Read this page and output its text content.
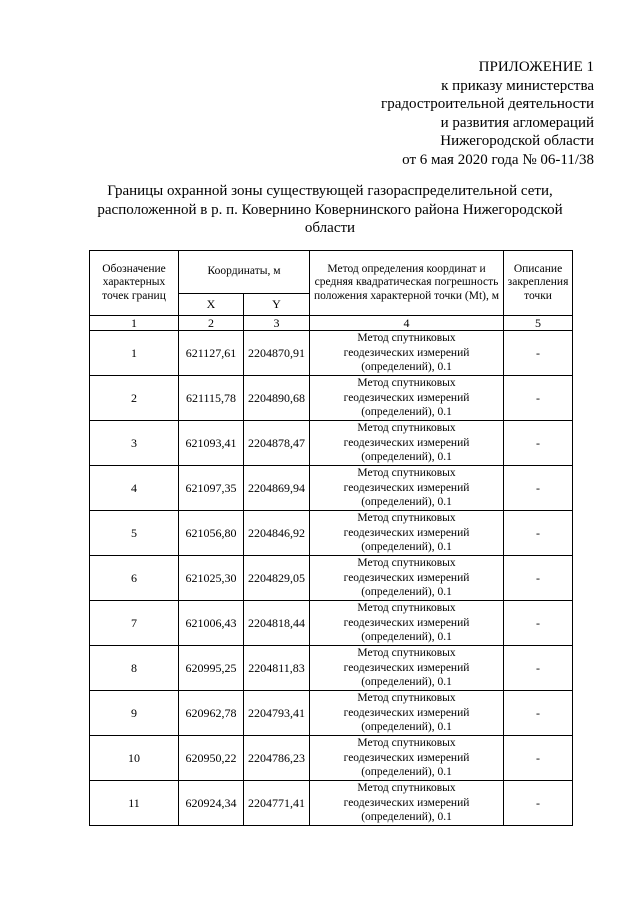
ПРИЛОЖЕНИЕ 1
к приказу министерства
градостроительной деятельности
и развития агломераций
Нижегородской области
от 6 мая 2020 года № 06-11/38
Границы охранной зоны существующей газораспределительной сети,
расположенной в р. п. Ковернино Ковернинского района Нижегородской
области
Обозначение характерных точек границ	Координаты, м		Метод определения координат и средняя квадратическая погрешность положения характерной точки (Mt), м	Описание закрепления точки
	X	Y		
1	2	3	4	5
1	621127,61	2204870,91	Метод спутниковых
геодезических измерений
(определений), 0.1	-
2	621115,78	2204890,68	Метод спутниковых
геодезических измерений
(определений), 0.1	-
3	621093,41	2204878,47	Метод спутниковых
геодезических измерений
(определений), 0.1	-
4	621097,35	2204869,94	Метод спутниковых
геодезических измерений
(определений), 0.1	-
5	621056,80	2204846,92	Метод спутниковых
геодезических измерений
(определений), 0.1	-
6	621025,30	2204829,05	Метод спутниковых
геодезических измерений
(определений), 0.1	-
7	621006,43	2204818,44	Метод спутниковых
геодезических измерений
(определений), 0.1	-
8	620995,25	2204811,83	Метод спутниковых
геодезических измерений
(определений), 0.1	-
9	620962,78	2204793,41	Метод спутниковых
геодезических измерений
(определений), 0.1	-
10	620950,22	2204786,23	Метод спутниковых
геодезических измерений
(определений), 0.1	-
11	620924,34	2204771,41	Метод спутниковых
геодезических измерений
(определений), 0.1	-
